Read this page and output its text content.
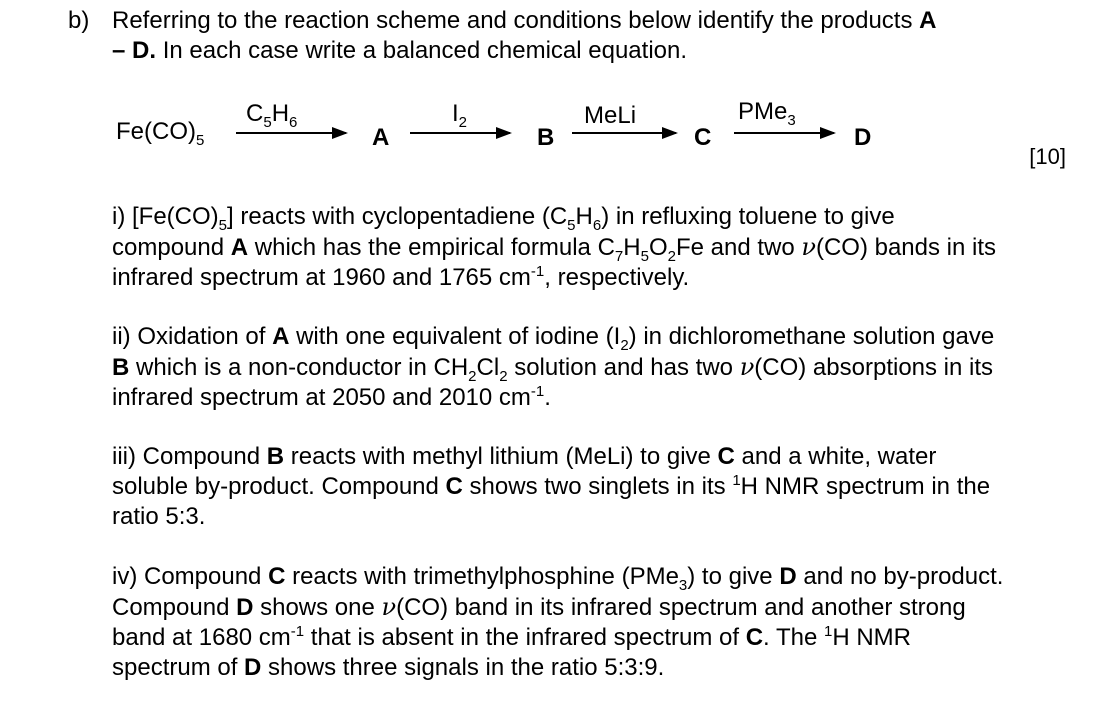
b) Referring to the reaction scheme and conditions below identify the products A
– D. In each case write a balanced chemical equation.
$Fe(CO)_5$
$C_5H_6$
A
$I_2$
B
MeLi
C
PMe$_3$
D
[10]
i) $[Fe(CO)_5]$ reacts with cyclopentadiene $(C_5H_6)$ in refluxing toluene to give compound A which has the empirical formula $C_7H_5O_2Fe$ and two ν(CO) bands in its infrared spectrum at 1960 and 1765 $cm^{-1}$, respectively.
ii) Oxidation of A with one equivalent of iodine $(I_2)$ in dichloromethane solution gave B which is a non-conductor in $CH_2Cl_2$ solution and has two ν(CO) absorptions in its infrared spectrum at 2050 and 2010 $cm^{-1}$.
iii) Compound B reacts with methyl lithium (MeLi) to give C and a white, water soluble by-product. Compound C shows two singlets in its $^1$H NMR spectrum in the ratio 5:3.
iv) Compound C reacts with trimethylphosphine (PMe$_3$) to give D and no by-product. Compound D shows one ν(CO) band in its infrared spectrum and another strong band at 1680 $cm^{-1}$ that is absent in the infrared spectrum of C. The $^1$H NMR spectrum of D shows three signals in the ratio 5:3:9.
